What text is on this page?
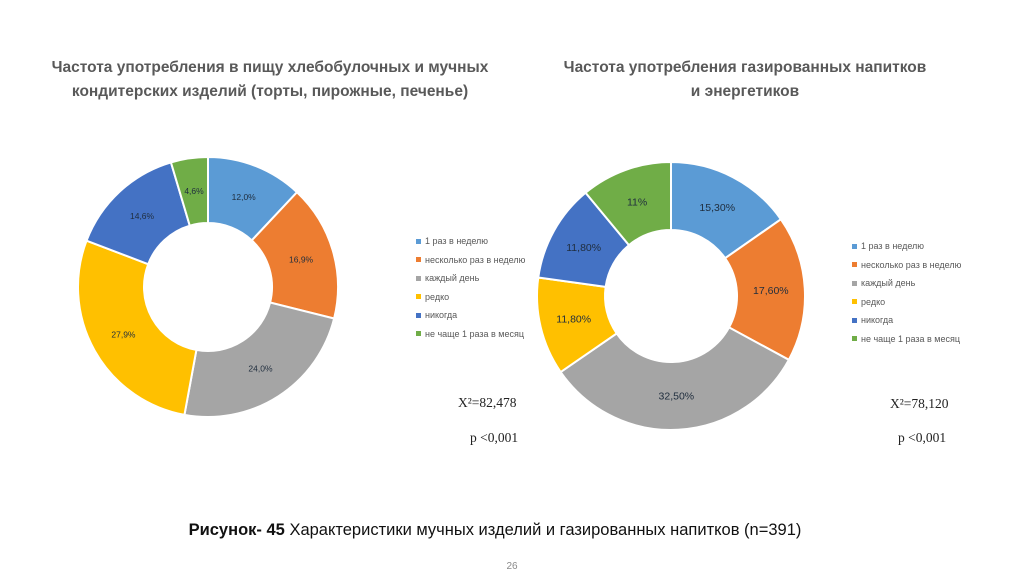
Частота употребления в пищу хлебобулочных и мучных кондитерских изделий (торты, пирожные, печенье)
Частота употребления газированных напитков и энергетиков
12,0%
16,9%
24,0%
27,9%
14,6%
4,6%
15,30%
17,60%
32,50%
11,80%
11,80%
11%
1 раз в неделю
несколько раз в неделю
каждый день
редко
никогда
не чаще 1 раза в месяц
1 раз в неделю
несколько раз в неделю
каждый день
редко
никогда
не чаще 1 раза в месяц
X²=82,478
p <0,001
X²=78,120
p <0,001
Рисунок- 45 Характеристики мучных изделий и газированных напитков (n=391)
26
